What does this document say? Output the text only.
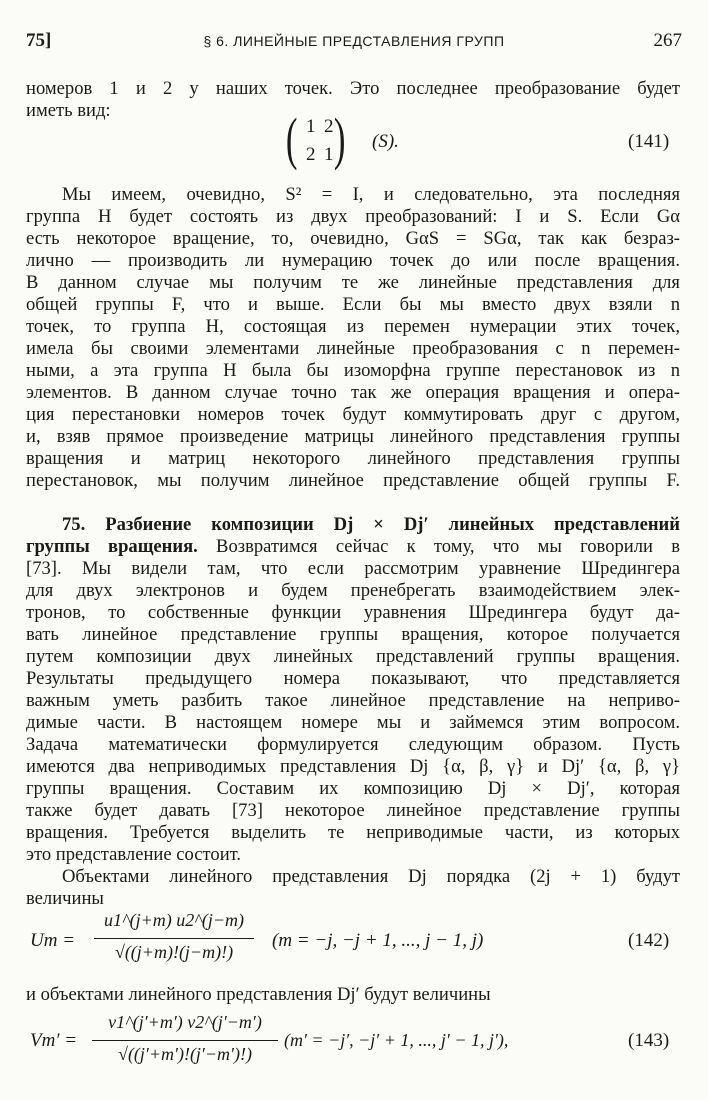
75]	§ 6. ЛИНЕЙНЫЕ ПРЕДСТАВЛЕНИЯ ГРУПП	267
номеров 1 и 2 у наших точек. Это последнее преобразование будет
иметь вид:	( 1 2
2 1 ) (S).	(141)
Мы имеем, очевидно, S² = I, и следовательно, эта последняя
группа H будет состоять из двух преобразований: I и S. Если Gα
есть некоторое вращение, то, очевидно, GαS = SGα, так как безраз-
лично — производить ли нумерацию точек до или после вращения.
В данном случае мы получим те же линейные представления для
общей группы F, что и выше. Если бы мы вместо двух взяли n
точек, то группа H, состоящая из перемен нумерации этих точек,
имела бы своими элементами линейные преобразования с n перемен-
ными, а эта группа H была бы изоморфна группе перестановок из n
элементов. В данном случае точно так же операция вращения и опера-
ция перестановки номеров точек будут коммутировать друг с другом,
и, взяв прямое произведение матрицы линейного представления группы
вращения и матриц некоторого линейного представления группы
перестановок, мы получим линейное представление общей группы F.
75. Разбиение композиции Dj × Dj′ линейных представлений
группы вращения. Возвратимся сейчас к тому, что мы говорили в
[73]. Мы видели там, что если рассмотрим уравнение Шредингера
для двух электронов и будем пренебрегать взаимодействием элек-
тронов, то собственные функции уравнения Шредингера будут да-
вать линейное представление группы вращения, которое получается
путем композиции двух линейных представлений группы вращения.
Результаты предыдущего номера показывают, что представляется
важным уметь разбить такое линейное представление на неприво-
димые части. В настоящем номере мы и займемся этим вопросом.
Задача математически формулируется следующим образом. Пусть
имеются два неприводимых представления Dj {α, β, γ} и Dj′ {α, β, γ}
группы вращения. Составим их композицию Dj × Dj′, которая
также будет давать [73] некоторое линейное представление группы
вращения. Требуется выделить те неприводимые части, из которых
это представление состоит.
Объектами линейного представления Dj порядка (2j + 1) будут
величины
Um =
u1^(j+m) u2^(j−m)
√((j+m)!(j−m)!)
(m = −j, −j + 1, ..., j − 1, j)	(142)
и объектами линейного представления Dj′ будут величины
Vm′ =
v1^(j′+m′) v2^(j′−m′)
√((j′+m′)!(j′−m′)!)
(m′ = −j′, −j′ + 1, ..., j′ − 1, j′),	(143)
